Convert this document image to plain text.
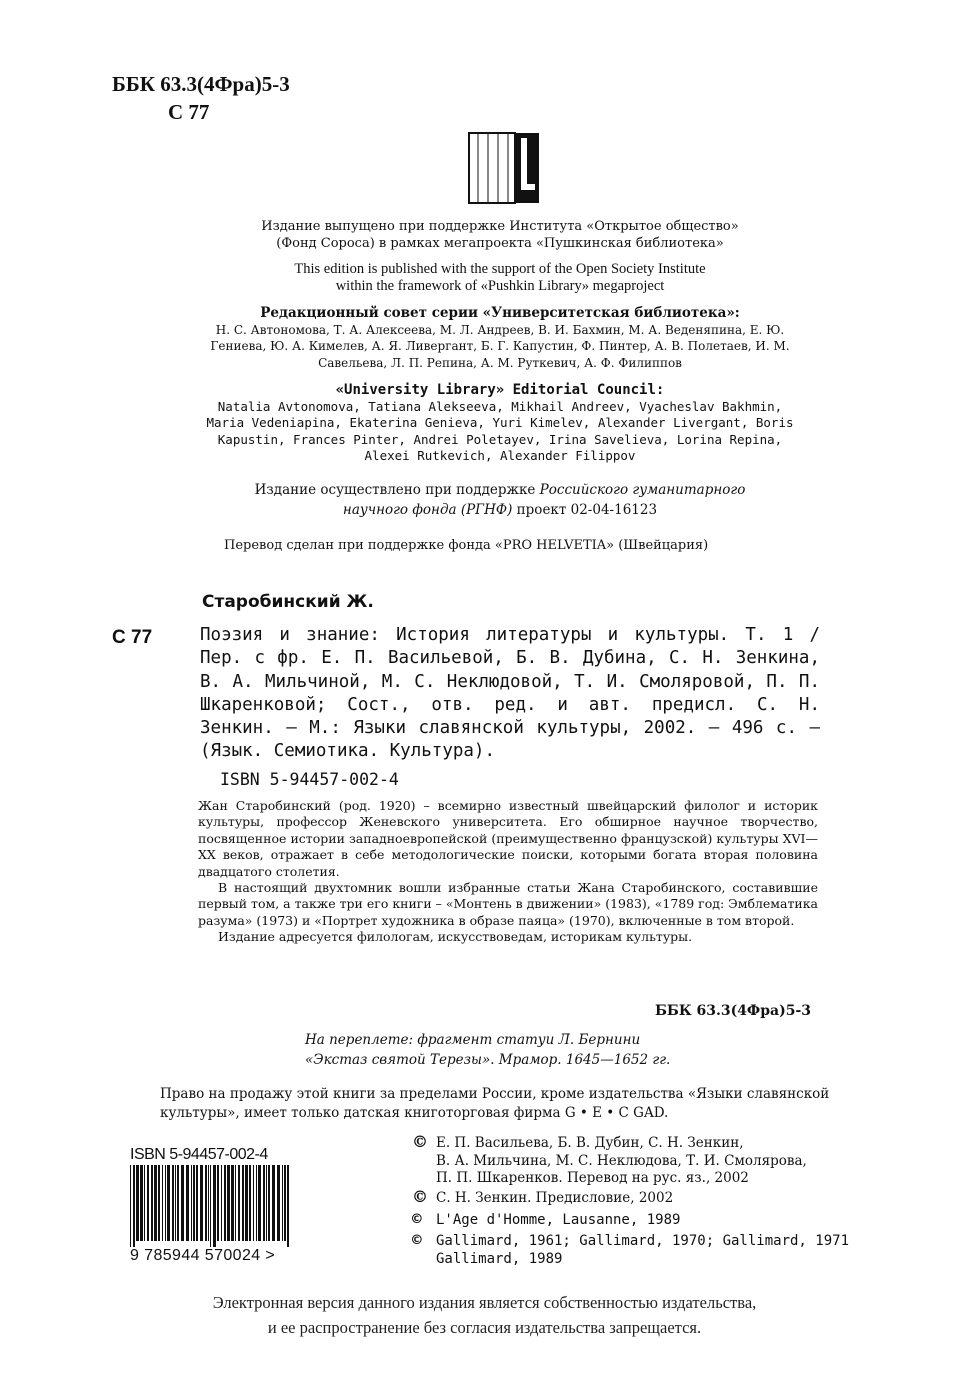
ББК 63.3(4Фра)5-3
С 77
Издание выпущено при поддержке Института «Открытое общество»
(Фонд Сороса) в рамках мегапроекта «Пушкинская библиотека»
This edition is published with the support of the Open Society Institute
within the framework of «Pushkin Library» megaproject
Редакционный совет серии «Университетская библиотека»:
Н. С. Автономова, Т. А. Алексеева, М. Л. Андреев, В. И. Бахмин, М. А. Веденяпина, Е. Ю. Гениева, Ю. А. Кимелев, А. Я. Ливергант, Б. Г. Капустин, Ф. Пинтер, А. В. Полетаев, И. М. Савельева, Л. П. Репина, А. М. Руткевич, А. Ф. Филиппов
«University Library» Editorial Council:
Natalia Avtonomova, Tatiana Alekseeva, Mikhail Andreev, Vyacheslav Bakhmin, Maria Vedeniapina, Ekaterina Genieva, Yuri Kimelev, Alexander Livergant, Boris Kapustin, Frances Pinter, Andrei Poletayev, Irina Savelieva, Lorina Repina, Alexei Rutkevich, Alexander Filippov
Издание осуществлено при поддержке Российского гуманитарного научного фонда (РГНФ) проект 02-04-16123
Перевод сделан при поддержке фонда «PRO HELVETIA» (Швейцария)
Старобинский Ж.
С 77	Поэзия и знание: История литературы и культуры. Т. 1 / Пер. с фр. Е. П. Васильевой, Б. В. Дубина, С. Н. Зенкина, В. А. Мильчиной, М. С. Неклюдовой, Т. И. Смоляровой, П. П. Шкаренковой; Сост., отв. ред. и авт. предисл. С. Н. Зенкин. – М.: Языки славянской культуры, 2002. – 496 с. – (Язык. Семиотика. Культура).

ISBN 5-94457-002-4

Жан Старобинский (род. 1920) – всемирно известный швейцарский филолог и историк культуры, профессор Женевского университета. Его обширное научное творчество, посвященное истории западноевропейской (преимущественно французской) культуры XVI—XX веков, отражает в себе методологические поиски, которыми богата вторая половина двадцатого столетия.

В настоящий двухтомник вошли избранные статьи Жана Старобинского, составившие первый том, а также три его книги – «Монтень в движении» (1983), «1789 год: Эмблематика разума» (1973) и «Портрет художника в образе паяца» (1970), включенные в том второй.

Издание адресуется филологам, искусствоведам, историкам культуры.

ББК 63.3(4Фра)5-3
На переплете: фрагмент статуи Л. Бернини
«Экстаз святой Терезы». Мрамор. 1645—1652 гг.

Право на продажу этой книги за пределами России, кроме издательства «Языки славянской культуры», имеет только датская книготорговая фирма G • E • C GAD.

ISBN 5-94457-002-4
9 785944 570024 >
© Е. П. Васильева, Б. В. Дубин, С. Н. Зенкин,
В. А. Мильчина, М. С. Неклюдова, Т. И. Смолярова,
П. П. Шкаренков. Перевод на рус. яз., 2002
© С. Н. Зенкин. Предисловие, 2002
© L'Age d'Homme, Lausanne, 1989
© Gallimard, 1961; Gallimard, 1970; Gallimard, 1971
Gallimard, 1989
Электронная версия данного издания является собственностью издательства,
и ее распространение без согласия издательства запрещается.
